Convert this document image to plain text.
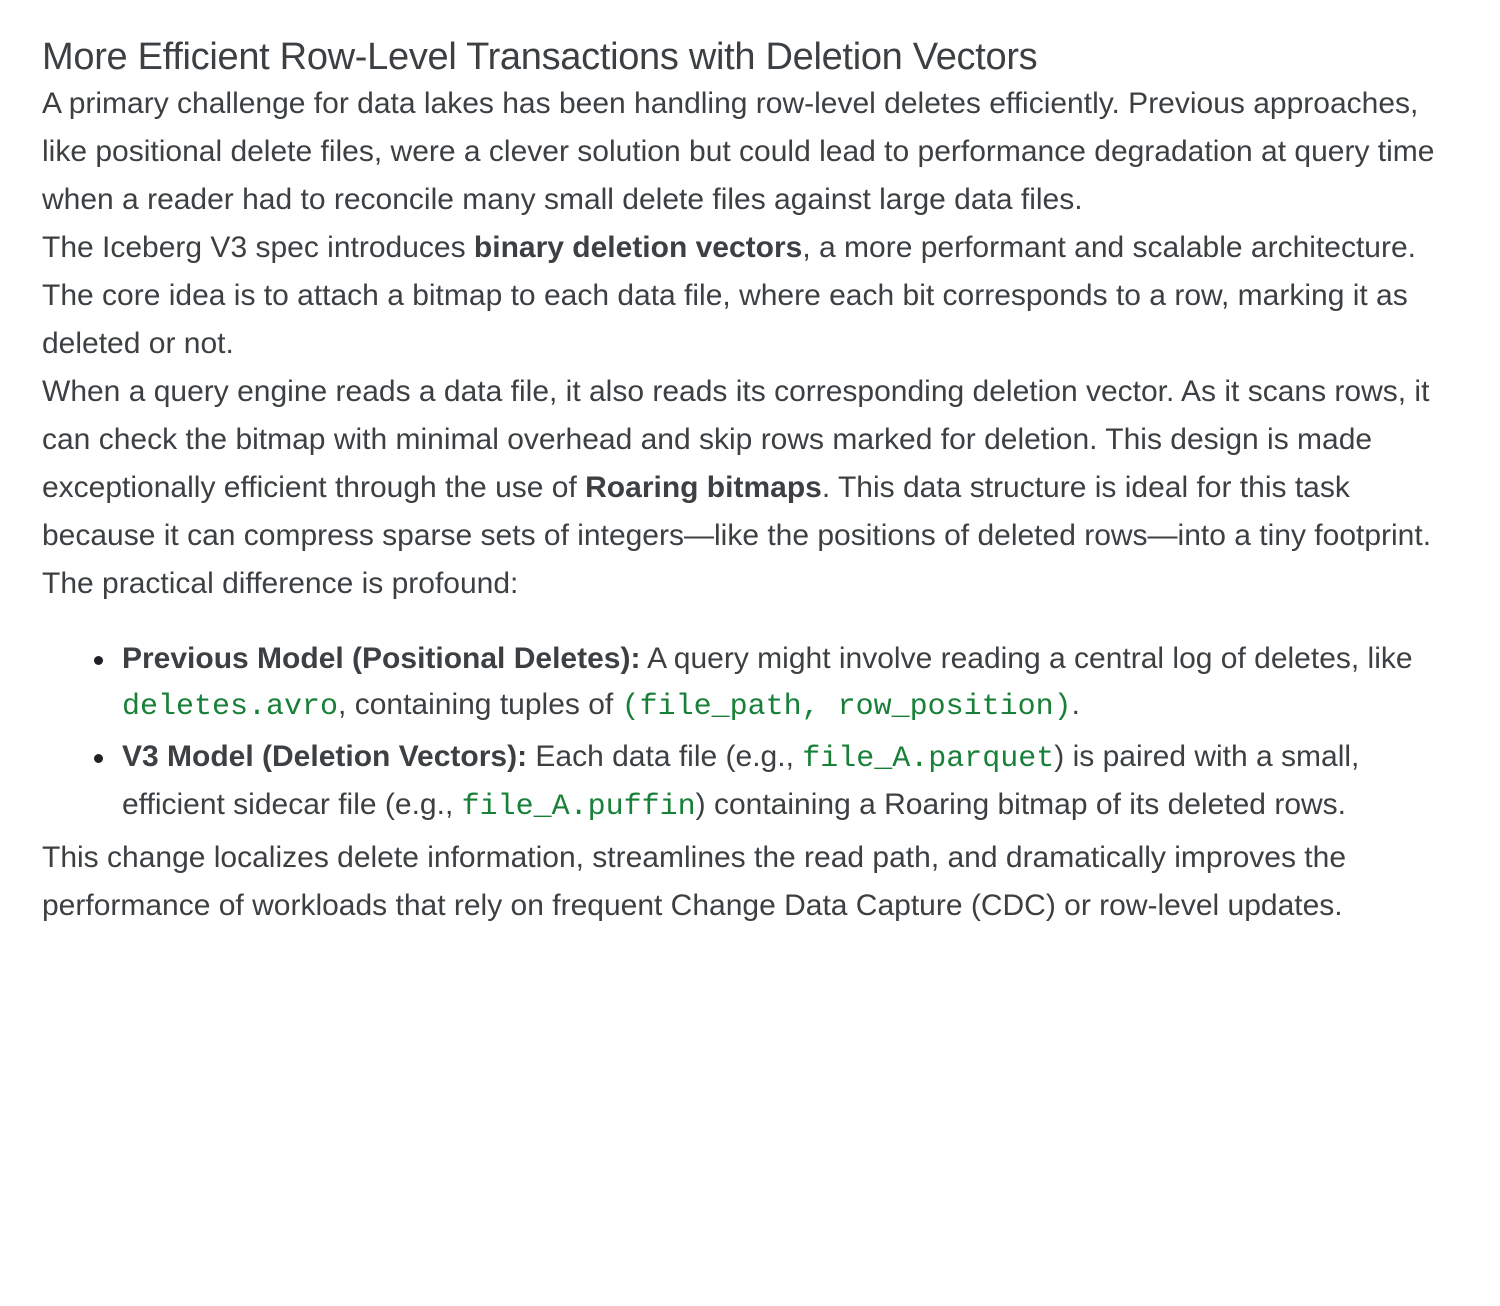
More Efficient Row-Level Transactions with Deletion Vectors

A primary challenge for data lakes has been handling row-level deletes efficiently. Previous approaches, like positional delete files, were a clever solution but could lead to performance degradation at query time when a reader had to reconcile many small delete files against large data files.

The Iceberg V3 spec introduces binary deletion vectors, a more performant and scalable architecture. The core idea is to attach a bitmap to each data file, where each bit corresponds to a row, marking it as deleted or not.

When a query engine reads a data file, it also reads its corresponding deletion vector. As it scans rows, it can check the bitmap with minimal overhead and skip rows marked for deletion. This design is made exceptionally efficient through the use of Roaring bitmaps. This data structure is ideal for this task because it can compress sparse sets of integers—like the positions of deleted rows—into a tiny footprint.

The practical difference is profound:

Previous Model (Positional Deletes): A query might involve reading a central log of deletes, like deletes.avro, containing tuples of (file_path, row_position).
V3 Model (Deletion Vectors): Each data file (e.g., file_A.parquet) is paired with a small, efficient sidecar file (e.g., file_A.puffin) containing a Roaring bitmap of its deleted rows.

This change localizes delete information, streamlines the read path, and dramatically improves the performance of workloads that rely on frequent Change Data Capture (CDC) or row-level updates.
